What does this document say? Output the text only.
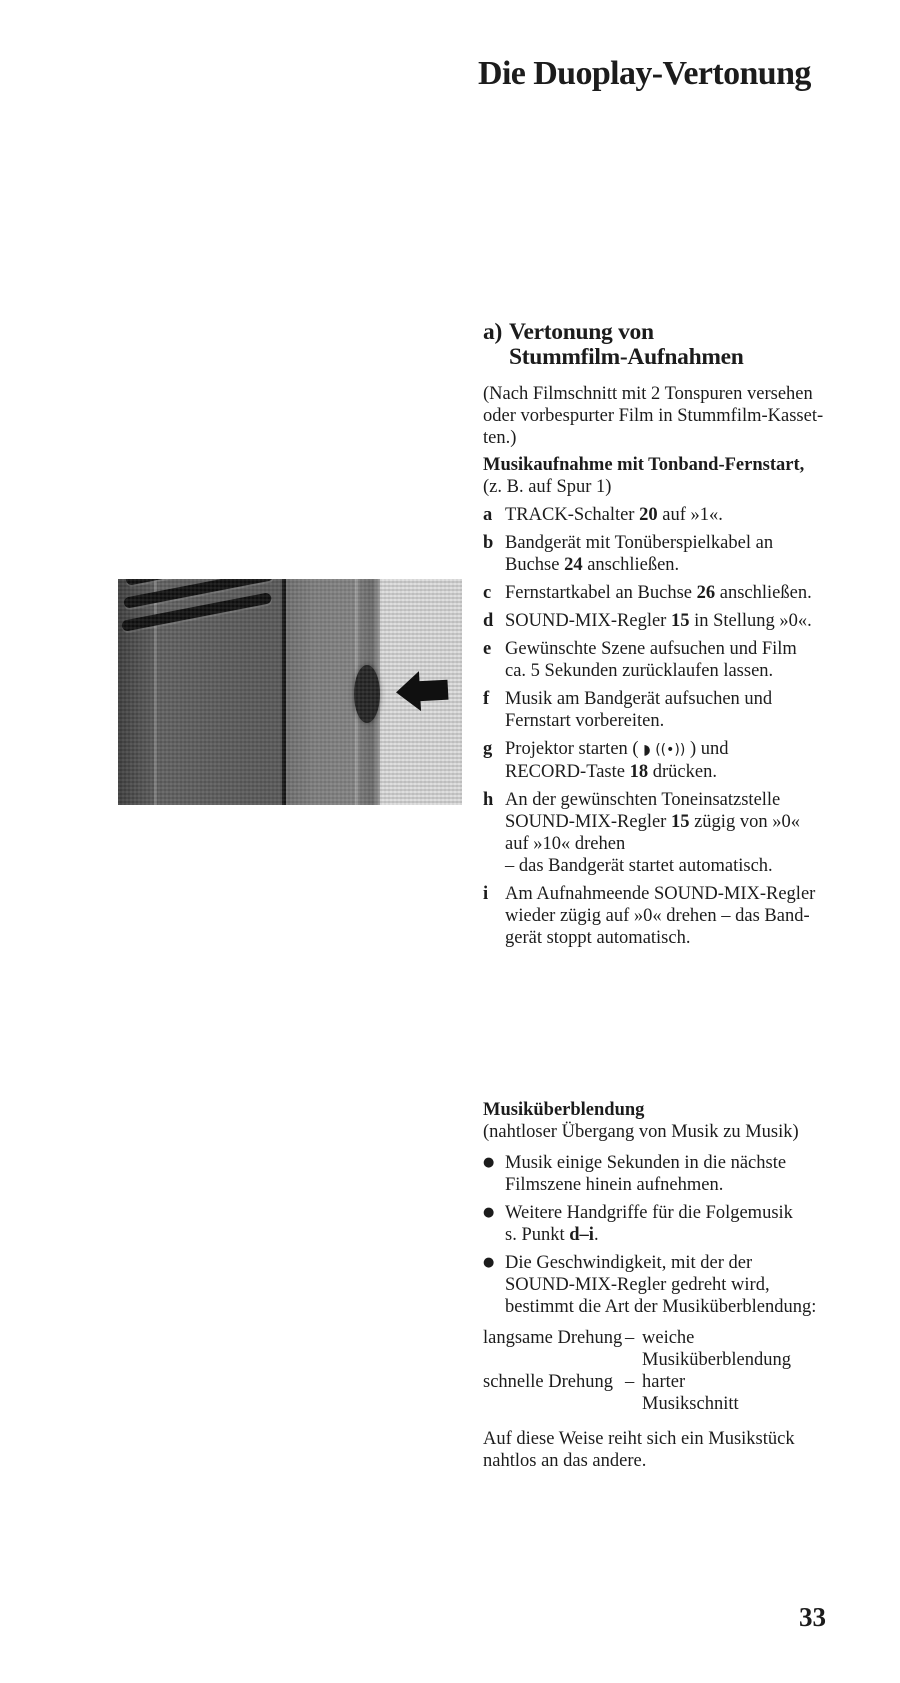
Die Duoplay-Vertonung
a) Vertonung von
Stummfilm-Aufnahmen
(Nach Filmschnitt mit 2 Tonspuren versehen
oder vorbespurter Film in Stummfilm-Kasset-
ten.)
Musikaufnahme mit Tonband-Fernstart,
(z. B. auf Spur 1)
a TRACK-Schalter 20 auf »1«.
b Bandgerät mit Tonüberspielkabel an
Buchse 24 anschließen.
c Fernstartkabel an Buchse 26 anschließen.
d SOUND-MIX-Regler 15 in Stellung »0«.
e Gewünschte Szene aufsuchen und Film
ca. 5 Sekunden zurücklaufen lassen.
f Musik am Bandgerät aufsuchen und
Fernstart vorbereiten.
g Projektor starten ( ◗ ((•)) ) und
RECORD-Taste 18 drücken.
h An der gewünschten Toneinsatzstelle
SOUND-MIX-Regler 15 zügig von »0«
auf »10« drehen
– das Bandgerät startet automatisch.
i Am Aufnahmeende SOUND-MIX-Regler
wieder zügig auf »0« drehen – das Band-
gerät stoppt automatisch.
Musiküberblendung
(nahtloser Übergang von Musik zu Musik)
● Musik einige Sekunden in die nächste
Filmszene hinein aufnehmen.
● Weitere Handgriffe für die Folgemusik
s. Punkt d–i.
● Die Geschwindigkeit, mit der der
SOUND-MIX-Regler gedreht wird,
bestimmt die Art der Musiküberblendung:
langsame Drehung – weiche
Musiküberblendung
schnelle Drehung – harter
Musikschnitt
Auf diese Weise reiht sich ein Musikstück
nahtlos an das andere.
33
